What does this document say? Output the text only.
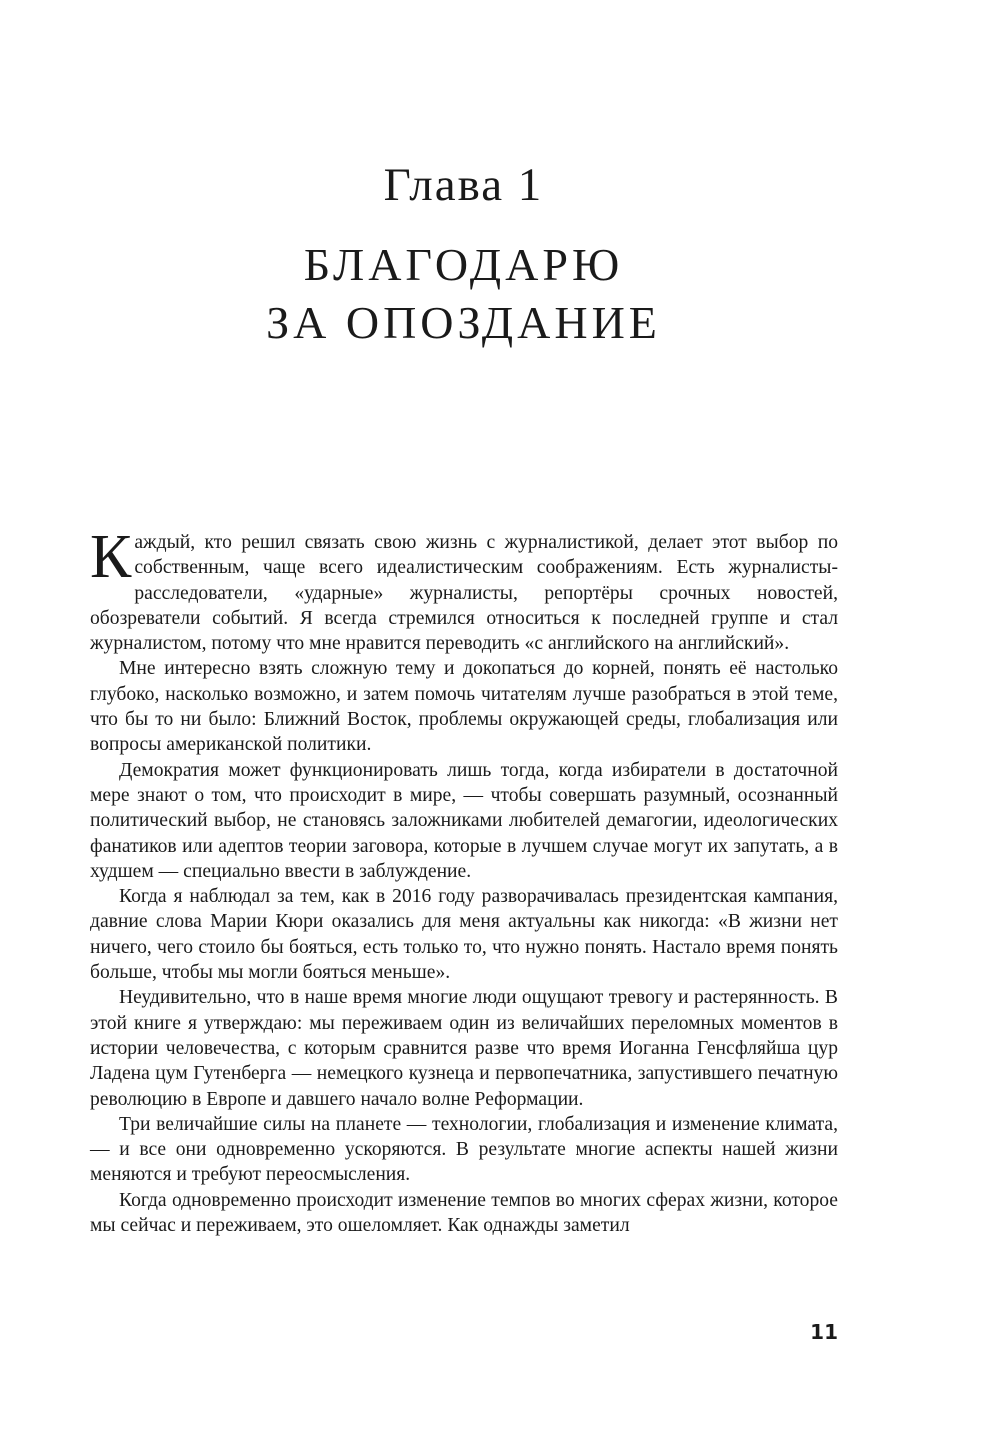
Глава 1
БЛАГОДАРЮ
ЗА ОПОЗДАНИЕ

Каждый, кто решил связать свою жизнь с журналистикой, делает этот выбор по собственным, чаще всего идеалистическим соображениям. Есть журналисты-расследователи, «ударные» журналисты, репортёры срочных новостей, обозреватели событий. Я всегда стремился относиться к последней группе и стал журналистом, потому что мне нравится переводить «с английского на английский».

Мне интересно взять сложную тему и докопаться до корней, понять её настолько глубоко, насколько возможно, и затем помочь читателям лучше разобраться в этой теме, что бы то ни было: Ближний Восток, проблемы окружающей среды, глобализация или вопросы американской политики.

Демократия может функционировать лишь тогда, когда избиратели в достаточной мере знают о том, что происходит в мире, — чтобы совершать разумный, осознанный политический выбор, не становясь заложниками любителей демагогии, идеологических фанатиков или адептов теории заговора, которые в лучшем случае могут их запутать, а в худшем — специально ввести в заблуждение.

Когда я наблюдал за тем, как в 2016 году разворачивалась президентская кампания, давние слова Марии Кюри оказались для меня актуальны как никогда: «В жизни нет ничего, чего стоило бы бояться, есть только то, что нужно понять. Настало время понять больше, чтобы мы могли бояться меньше».

Неудивительно, что в наше время многие люди ощущают тревогу и растерянность. В этой книге я утверждаю: мы переживаем один из величайших переломных моментов в истории человечества, с которым сравнится разве что время Иоганна Генсфляйша цур Ладена цум Гутенберга — немецкого кузнеца и первопечатника, запустившего печатную революцию в Европе и давшего начало волне Реформации.

Три величайшие силы на планете — технологии, глобализация и изменение климата, — и все они одновременно ускоряются. В результате многие аспекты нашей жизни меняются и требуют переосмысления.

Когда одновременно происходит изменение темпов во многих сферах жизни, которое мы сейчас и переживаем, это ошеломляет. Как однажды заметил

11
